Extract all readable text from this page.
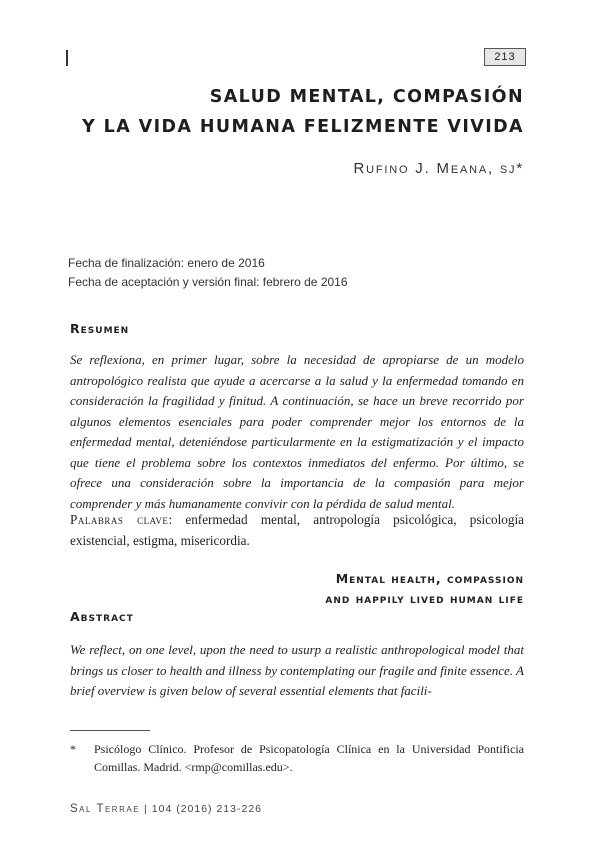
213
SALUD MENTAL, COMPASIÓN
Y LA VIDA HUMANA FELIZMENTE VIVIDA
Rufino J. Meana, sj*
Fecha de finalización: enero de 2016
Fecha de aceptación y versión final: febrero de 2016
Resumen

Se reflexiona, en primer lugar, sobre la necesidad de apropiarse de un modelo antropológico realista que ayude a acercarse a la salud y la enfermedad tomando en consideración la fragilidad y finitud. A continuación, se hace un breve recorrido por algunos elementos esenciales para poder comprender mejor los entornos de la enfermedad mental, deteniéndose particularmente en la estigmatización y el impacto que tiene el problema sobre los contextos inmediatos del enfermo. Por último, se ofrece una consideración sobre la importancia de la compasión para mejor comprender y más humanamente convivir con la pérdida de salud mental.

Palabras clave: enfermedad mental, antropología psicológica, psicología existencial, estigma, misericordia.

Mental health, compassion
and happily lived human life
Abstract

We reflect, on one level, upon the need to usurp a realistic anthropological model that brings us closer to health and illness by contemplating our fragile and finite essence. A brief overview is given below of several essential elements that facili-

* Psicólogo Clínico. Profesor de Psicopatología Clínica en la Universidad Pontificia Comillas. Madrid. <rmp@comillas.edu>.
Sal Terrae | 104 (2016) 213-226
